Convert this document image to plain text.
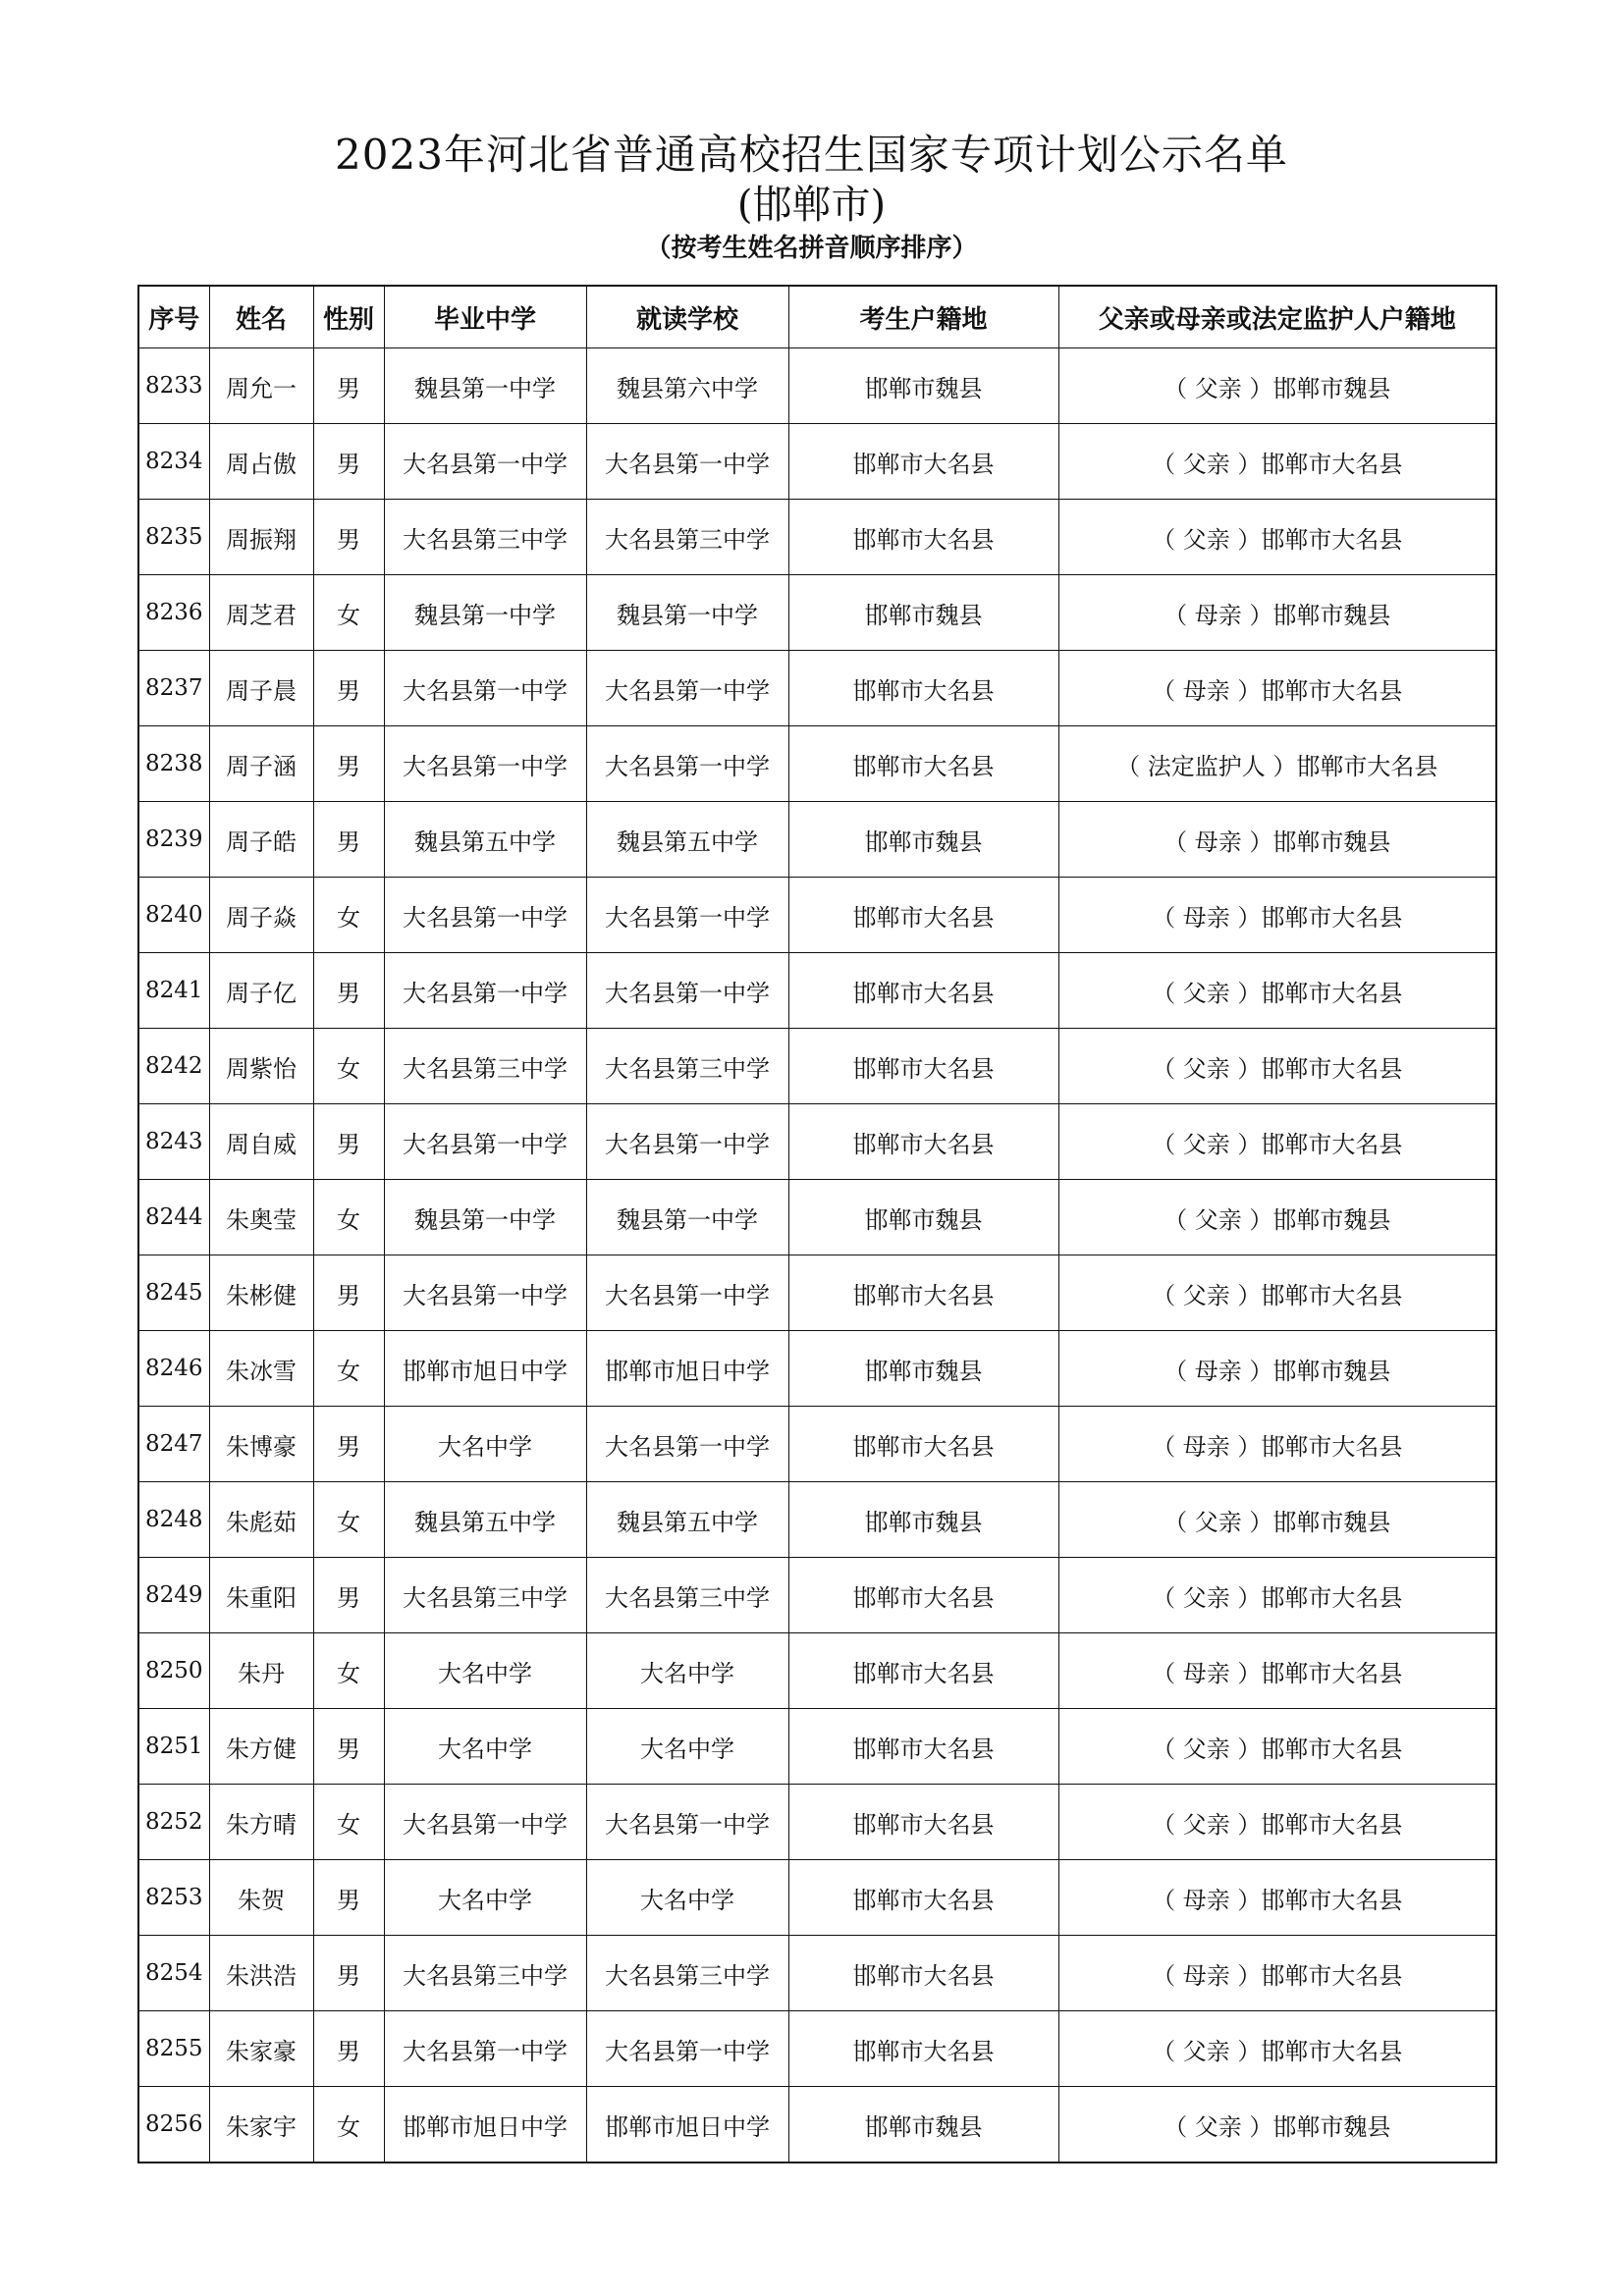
2023年河北省普通高校招生国家专项计划公示名单
(邯郸市)
（按考生姓名拼音顺序排序）
序号	姓名	性别	毕业中学	就读学校	考生户籍地	父亲或母亲或法定监护人户籍地
8233	周允一	男	魏县第一中学	魏县第六中学	邯郸市魏县	（ 父亲 ）邯郸市魏县
8234	周占傲	男	大名县第一中学	大名县第一中学	邯郸市大名县	（ 父亲 ）邯郸市大名县
8235	周振翔	男	大名县第三中学	大名县第三中学	邯郸市大名县	（ 父亲 ）邯郸市大名县
8236	周芝君	女	魏县第一中学	魏县第一中学	邯郸市魏县	（ 母亲 ）邯郸市魏县
8237	周子晨	男	大名县第一中学	大名县第一中学	邯郸市大名县	（ 母亲 ）邯郸市大名县
8238	周子涵	男	大名县第一中学	大名县第一中学	邯郸市大名县	（ 法定监护人 ）邯郸市大名县
8239	周子皓	男	魏县第五中学	魏县第五中学	邯郸市魏县	（ 母亲 ）邯郸市魏县
8240	周子焱	女	大名县第一中学	大名县第一中学	邯郸市大名县	（ 母亲 ）邯郸市大名县
8241	周子亿	男	大名县第一中学	大名县第一中学	邯郸市大名县	（ 父亲 ）邯郸市大名县
8242	周紫怡	女	大名县第三中学	大名县第三中学	邯郸市大名县	（ 父亲 ）邯郸市大名县
8243	周自威	男	大名县第一中学	大名县第一中学	邯郸市大名县	（ 父亲 ）邯郸市大名县
8244	朱奥莹	女	魏县第一中学	魏县第一中学	邯郸市魏县	（ 父亲 ）邯郸市魏县
8245	朱彬健	男	大名县第一中学	大名县第一中学	邯郸市大名县	（ 父亲 ）邯郸市大名县
8246	朱冰雪	女	邯郸市旭日中学	邯郸市旭日中学	邯郸市魏县	（ 母亲 ）邯郸市魏县
8247	朱博豪	男	大名中学	大名县第一中学	邯郸市大名县	（ 母亲 ）邯郸市大名县
8248	朱彪茹	女	魏县第五中学	魏县第五中学	邯郸市魏县	（ 父亲 ）邯郸市魏县
8249	朱重阳	男	大名县第三中学	大名县第三中学	邯郸市大名县	（ 父亲 ）邯郸市大名县
8250	朱丹	女	大名中学	大名中学	邯郸市大名县	（ 母亲 ）邯郸市大名县
8251	朱方健	男	大名中学	大名中学	邯郸市大名县	（ 父亲 ）邯郸市大名县
8252	朱方晴	女	大名县第一中学	大名县第一中学	邯郸市大名县	（ 父亲 ）邯郸市大名县
8253	朱贺	男	大名中学	大名中学	邯郸市大名县	（ 母亲 ）邯郸市大名县
8254	朱洪浩	男	大名县第三中学	大名县第三中学	邯郸市大名县	（ 母亲 ）邯郸市大名县
8255	朱家豪	男	大名县第一中学	大名县第一中学	邯郸市大名县	（ 父亲 ）邯郸市大名县
8256	朱家宇	女	邯郸市旭日中学	邯郸市旭日中学	邯郸市魏县	（ 父亲 ）邯郸市魏县
